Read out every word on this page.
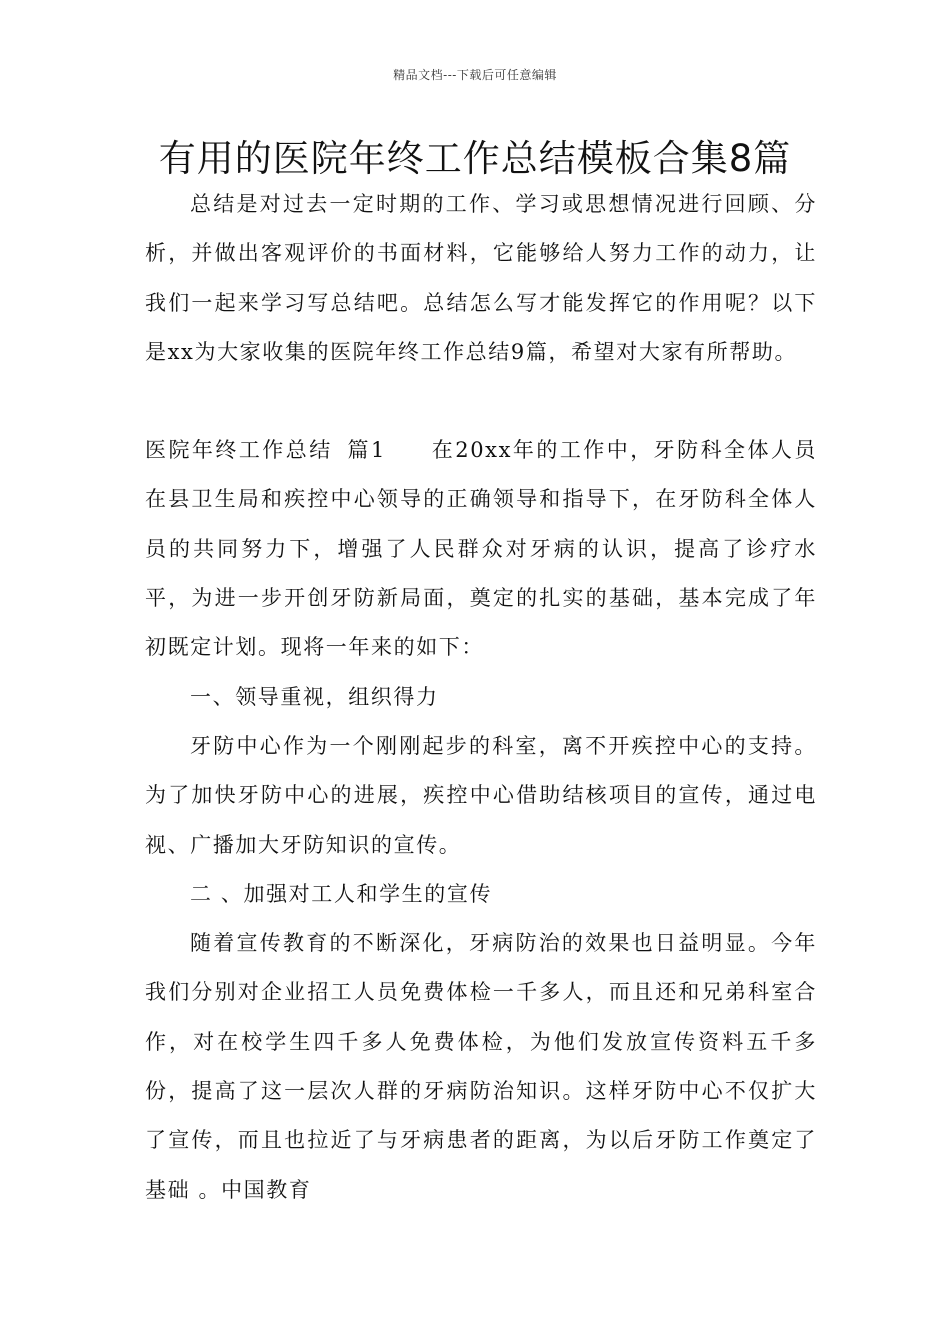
精品文档---下载后可任意编辑
有用的医院年终工作总结模板合集8篇

总结是对过去一定时期的工作、学习或思想情况进行回顾、分析，并做出客观评价的书面材料，它能够给人努力工作的动力，让我们一起来学习写总结吧。总结怎么写才能发挥它的作用呢？以下是xx为大家收集的医院年终工作总结9篇，希望对大家有所帮助。

医院年终工作总结 篇1 在20xx年的工作中，牙防科全体人员在县卫生局和疾控中心领导的正确领导和指导下，在牙防科全体人员的共同努力下，增强了人民群众对牙病的认识，提高了诊疗水平，为进一步开创牙防新局面，奠定的扎实的基础，基本完成了年初既定计划。现将一年来的如下：

一、领导重视，组织得力

牙防中心作为一个刚刚起步的科室，离不开疾控中心的支持。为了加快牙防中心的进展，疾控中心借助结核项目的宣传，通过电视、广播加大牙防知识的宣传。

二 、加强对工人和学生的宣传

随着宣传教育的不断深化，牙病防治的效果也日益明显。今年我们分别对企业招工人员免费体检一千多人，而且还和兄弟科室合作，对在校学生四千多人免费体检，为他们发放宣传资料五千多份，提高了这一层次人群的牙病防治知识。这样牙防中心不仅扩大了宣传，而且也拉近了与牙病患者的距离，为以后牙防工作奠定了基础 。中国教育
